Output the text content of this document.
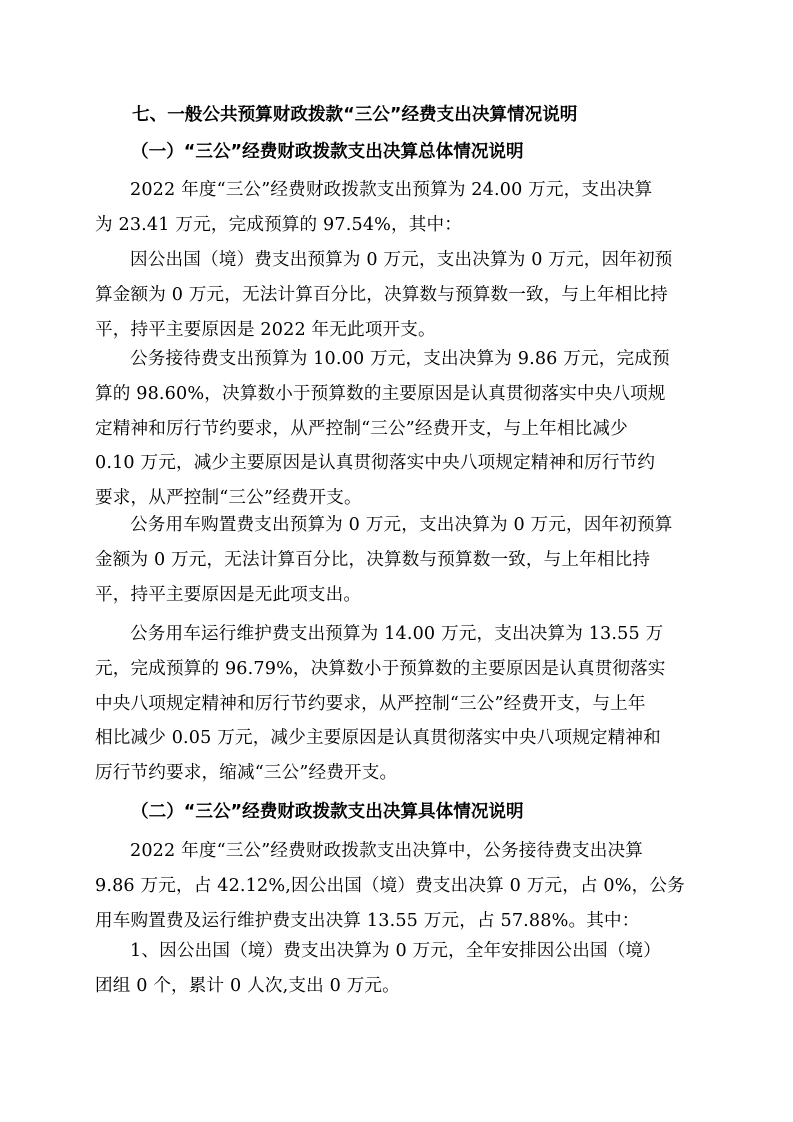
七、一般公共预算财政拨款“三公”经费支出决算情况说明
（一）“三公”经费财政拨款支出决算总体情况说明
2022 年度“三公”经费财政拨款支出预算为 24.00 万元，支出决算
为 23.41 万元，完成预算的 97.54%，其中：
因公出国（境）费支出预算为 0 万元，支出决算为 0 万元，因年初预
算金额为 0 万元，无法计算百分比，决算数与预算数一致，与上年相比持
平，持平主要原因是 2022 年无此项开支。
公务接待费支出预算为 10.00 万元，支出决算为 9.86 万元，完成预
算的 98.60%，决算数小于预算数的主要原因是认真贯彻落实中央八项规
定精神和厉行节约要求，从严控制“三公”经费开支，与上年相比减少
0.10 万元，减少主要原因是认真贯彻落实中央八项规定精神和厉行节约
要求，从严控制“三公”经费开支。
公务用车购置费支出预算为 0 万元，支出决算为 0 万元，因年初预算
金额为 0 万元，无法计算百分比，决算数与预算数一致，与上年相比持
平，持平主要原因是无此项支出。
公务用车运行维护费支出预算为 14.00 万元，支出决算为 13.55 万
元，完成预算的 96.79%，决算数小于预算数的主要原因是认真贯彻落实
中央八项规定精神和厉行节约要求，从严控制“三公”经费开支，与上年
相比减少 0.05 万元，减少主要原因是认真贯彻落实中央八项规定精神和
厉行节约要求，缩减“三公”经费开支。
（二）“三公”经费财政拨款支出决算具体情况说明
2022 年度“三公”经费财政拨款支出决算中，公务接待费支出决算
9.86 万元，占 42.12%,因公出国（境）费支出决算 0 万元，占 0%，公务
用车购置费及运行维护费支出决算 13.55 万元，占 57.88%。其中：
1、因公出国（境）费支出决算为 0 万元，全年安排因公出国（境）
团组 0 个，累计 0 人次,支出 0 万元。
